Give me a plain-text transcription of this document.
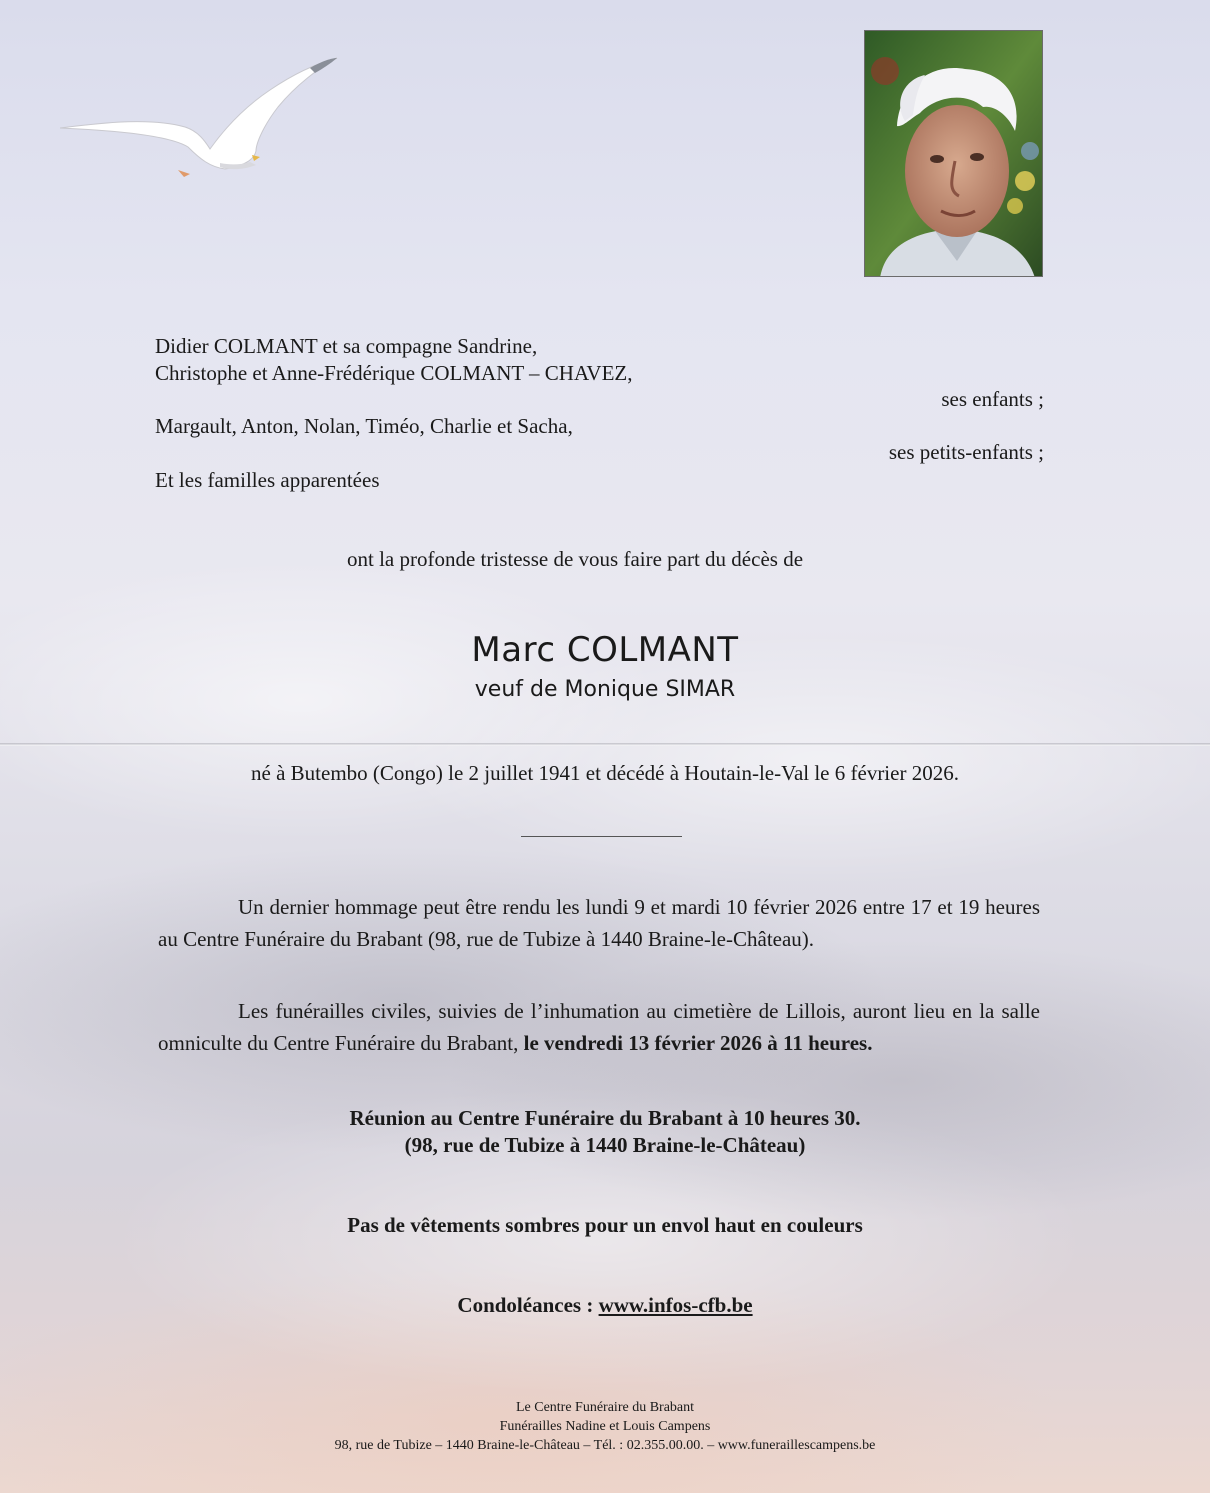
Didier COLMANT et sa compagne Sandrine,
Christophe et Anne-Frédérique COLMANT – CHAVEZ,
ses enfants ;
Margault, Anton, Nolan, Timéo, Charlie et Sacha,
ses petits-enfants ;
Et les familles apparentées
ont la profonde tristesse de vous faire part du décès de
Marc COLMANT
veuf de Monique SIMAR
né à Butembo (Congo) le 2 juillet 1941 et décédé à Houtain-le-Val le 6 février 2026.
Un dernier hommage peut être rendu les lundi 9 et mardi 10 février 2026 entre 17 et 19 heures au Centre Funéraire du Brabant (98, rue de Tubize à 1440 Braine-le-Château).
Les funérailles civiles, suivies de l’inhumation au cimetière de Lillois, auront lieu en la salle omniculte du Centre Funéraire du Brabant, le vendredi 13 février 2026 à 11 heures.
Réunion au Centre Funéraire du Brabant à 10 heures 30.
(98, rue de Tubize à 1440 Braine-le-Château)
Pas de vêtements sombres pour un envol haut en couleurs
Condoléances : www.infos-cfb.be
Le Centre Funéraire du Brabant
Funérailles Nadine et Louis Campens
98, rue de Tubize – 1440 Braine-le-Château – Tél. : 02.355.00.00. – www.funeraillescampens.be
